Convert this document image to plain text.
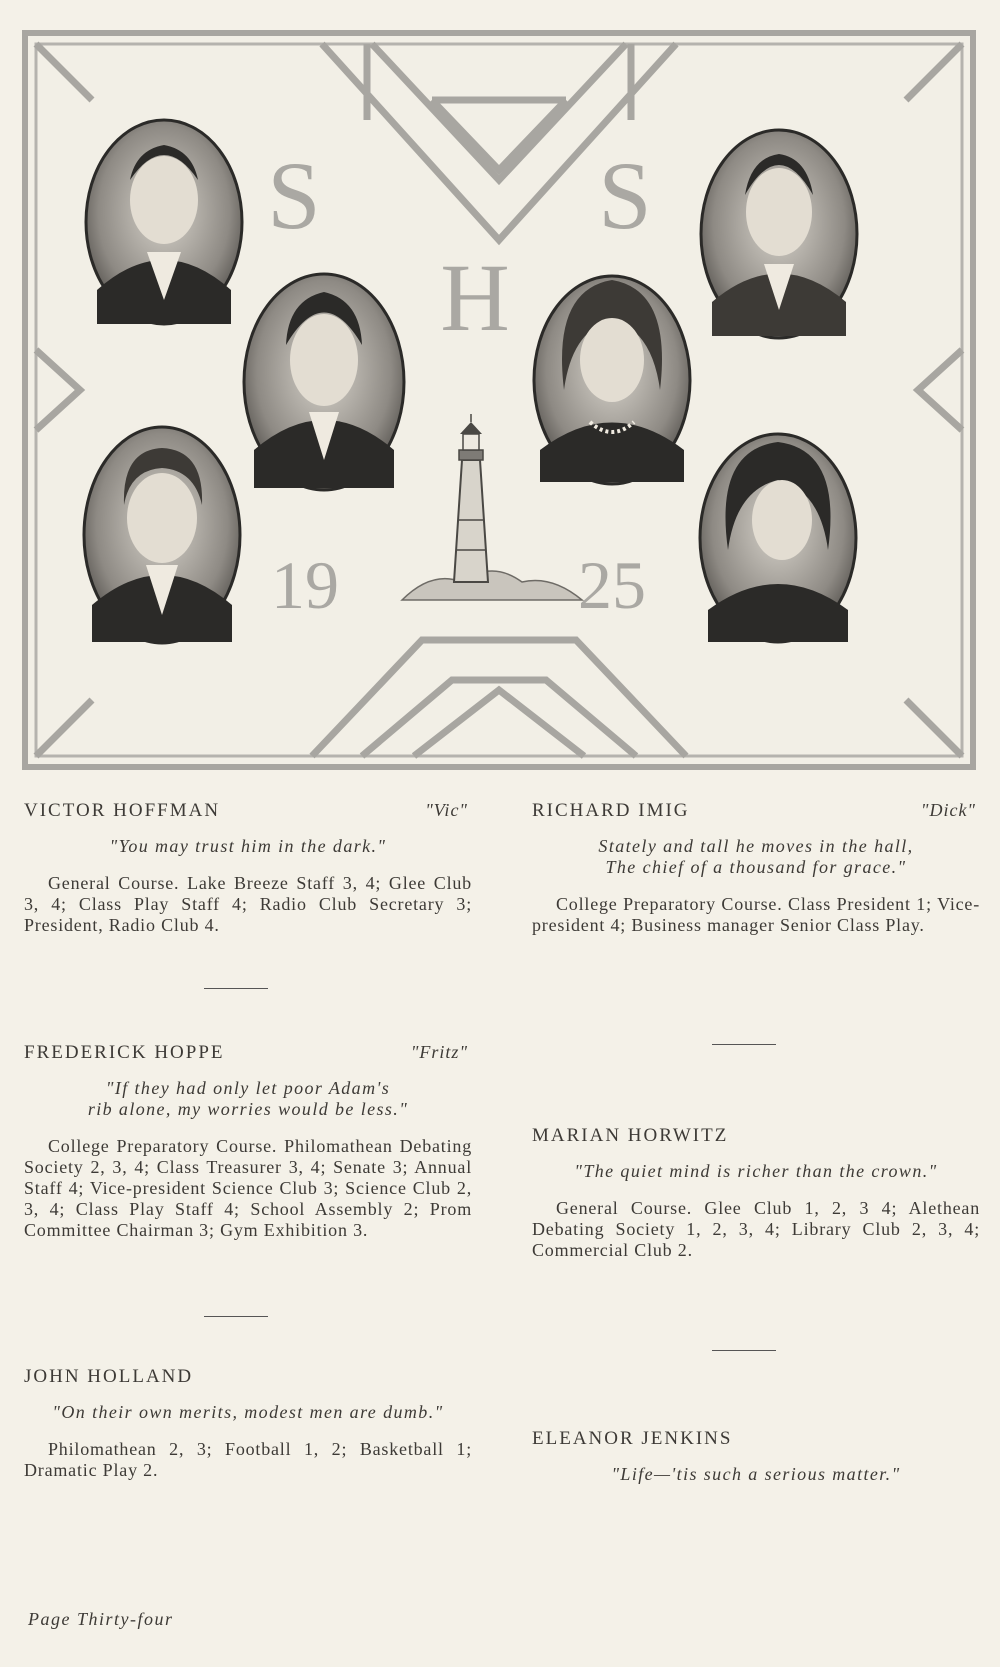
S
H
S
19	25
VICTOR HOFFMAN	"Vic"
"You may trust him in the dark."
General Course. Lake Breeze Staff 3, 4; Glee Club 3, 4; Class Play Staff 4; Radio Club Secretary 3; President, Radio Club 4.
FREDERICK HOPPE	"Fritz"
"If they had only let poor Adam's
rib alone, my worries would be less."
College Preparatory Course. Philomathean Debating Society 2, 3, 4; Class Treasurer 3, 4; Senate 3; Annual Staff 4; Vice-president Science Club 3; Science Club 2, 3, 4; Class Play Staff 4; School Assembly 2; Prom Committee Chairman 3; Gym Exhibition 3.
JOHN HOLLAND
"On their own merits, modest men are dumb."
Philomathean 2, 3; Football 1, 2; Basketball 1; Dramatic Play 2.
RICHARD IMIG	"Dick"
Stately and tall he moves in the hall,
The chief of a thousand for grace."
College Preparatory Course. Class President 1; Vice-president 4; Business manager Senior Class Play.
MARIAN HORWITZ
"The quiet mind is richer than the crown."
General Course. Glee Club 1, 2, 3 4; Alethean Debating Society 1, 2, 3, 4; Library Club 2, 3, 4; Commercial Club 2.
ELEANOR JENKINS
"Life—'tis such a serious matter."
Page Thirty-four
